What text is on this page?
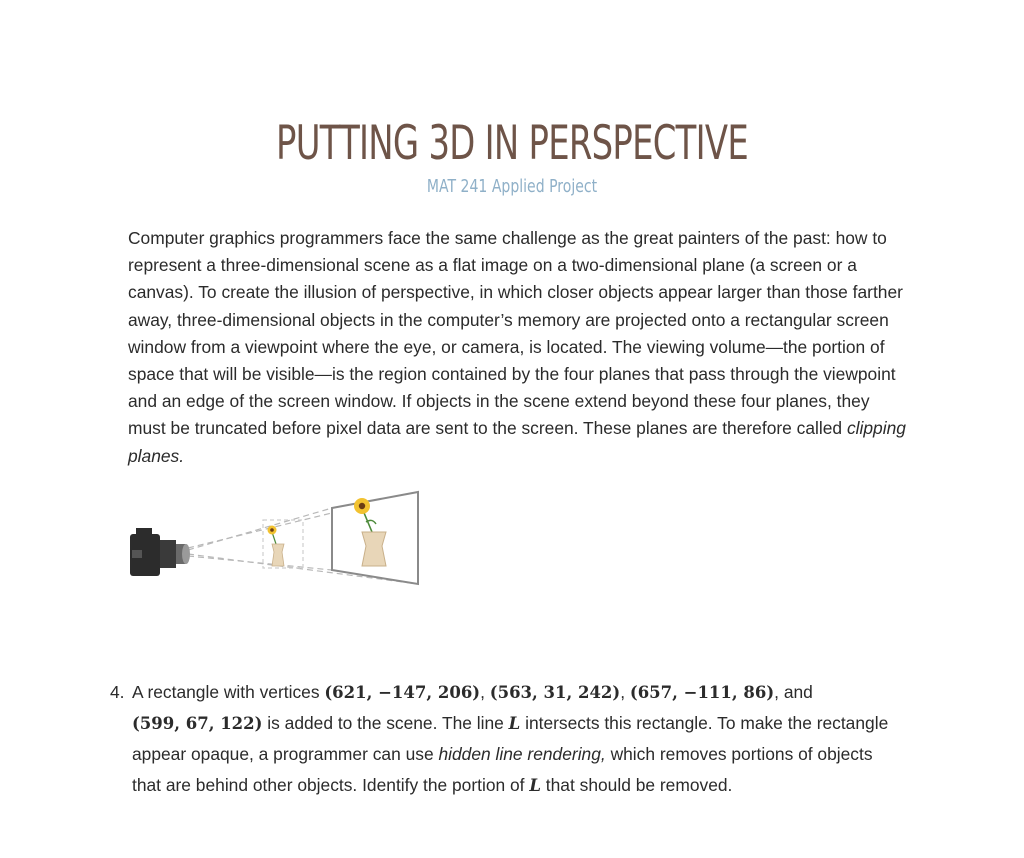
PUTTING 3D IN PERSPECTIVE
MAT 241 Applied Project

Computer graphics programmers face the same challenge as the great painters of the past: how to represent a three-dimensional scene as a flat image on a two-dimensional plane (a screen or a canvas). To create the illusion of perspective, in which closer objects appear larger than those farther away, three-dimensional objects in the computer’s memory are projected onto a rectangular screen window from a viewpoint where the eye, or camera, is located. The viewing volume—the portion of space that will be visible—is the region contained by the four planes that pass through the viewpoint and an edge of the screen window. If objects in the scene extend beyond these four planes, they must be truncated before pixel data are sent to the screen. These planes are therefore called clipping planes.

4. A rectangle with vertices (621, −147, 206), (563, 31, 242), (657, −111, 86), and
(599, 67, 122) is added to the scene. The line L intersects this rectangle. To make the rectangle appear opaque, a programmer can use hidden line rendering, which removes portions of objects that are behind other objects. Identify the portion of L that should be removed.
